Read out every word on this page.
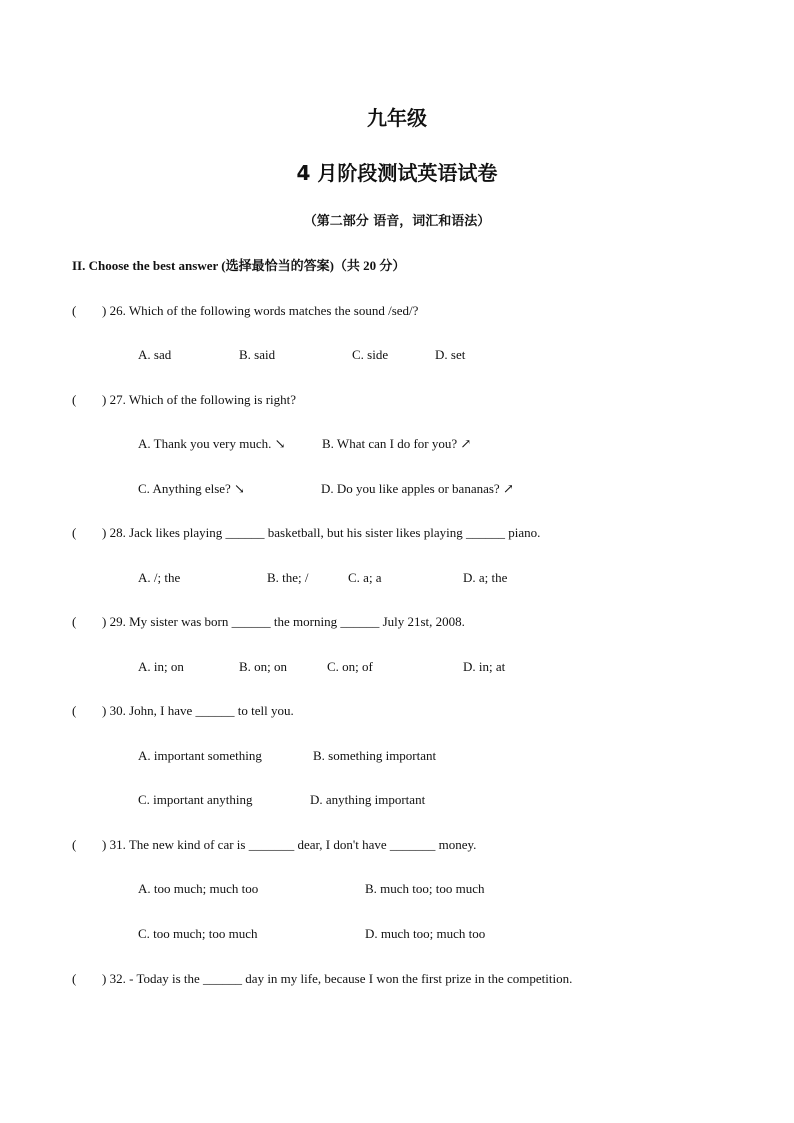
九年级
4 月阶段测试英语试卷
（第二部分 语音，词汇和语法）
II. Choose the best answer (选择最恰当的答案)（共 20 分）
( ) 26. Which of the following words matches the sound /sed/?
A. sad	B. said	C. side	D. set
( ) 27. Which of the following is right?
A. Thank you very much. ↘	B. What can I do for you? ↗
C. Anything else? ↘	D. Do you like apples or bananas? ↗
( ) 28. Jack likes playing ______ basketball, but his sister likes playing ______ piano.
A. /; the	B. the; /	C. a; a	D. a; the
( ) 29. My sister was born ______ the morning ______ July 21st, 2008.
A. in; on	B. on; on	C. on; of	D. in; at
( ) 30. John, I have ______ to tell you.
A. important something	B. something important
C. important anything	D. anything important
( ) 31. The new kind of car is _______ dear, I don't have _______ money.
A. too much; much too	B. much too; too much
C. too much; too much	D. much too; much too
( ) 32. - Today is the ______ day in my life, because I won the first prize in the competition.
